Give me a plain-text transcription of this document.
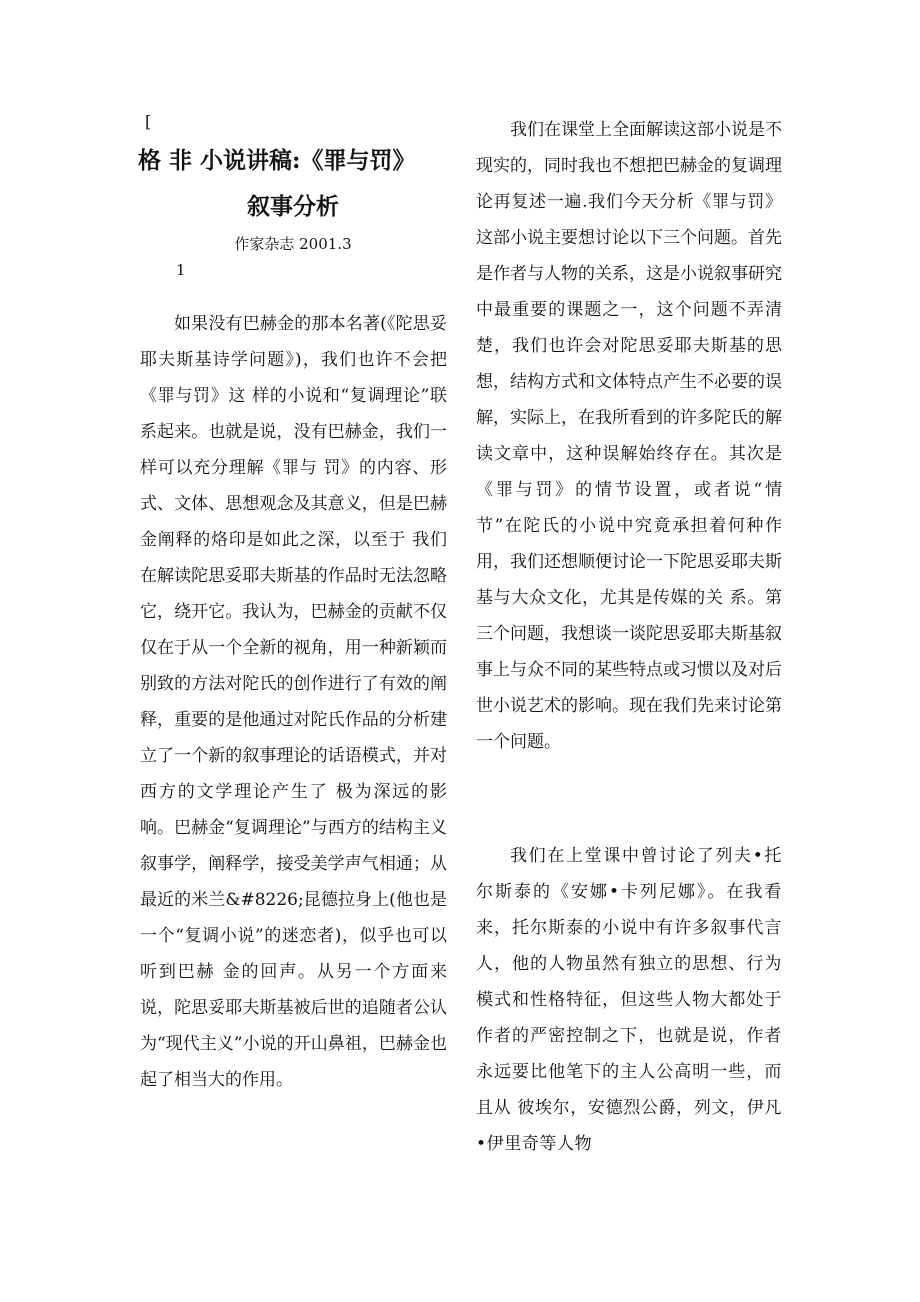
[
格 非 小说讲稿:《罪与罚》
叙事分析
作家杂志 2001.3
1

如果没有巴赫金的那本名著(《陀思妥耶夫斯基诗学问题》)，我们也许不会把《罪与罚》这 样的小说和“复调理论”联系起来。也就是说，没有巴赫金，我们一样可以充分理解《罪与 罚》的内容、形式、文体、思想观念及其意义，但是巴赫金阐释的烙印是如此之深，以至于 我们在解读陀思妥耶夫斯基的作品时无法忽略它，绕开它。我认为，巴赫金的贡献不仅仅在于从一个全新的视角，用一种新颖而别致的方法对陀氏的创作进行了有效的阐释，重要的是他通过对陀氏作品的分析建立了一个新的叙事理论的话语模式，并对西方的文学理论产生了 极为深远的影响。巴赫金“复调理论”与西方的结构主义叙事学，阐释学，接受美学声气相通；从最近的米兰&#8226;昆德拉身上(他也是一个“复调小说”的迷恋者)，似乎也可以听到巴赫 金的回声。从另一个方面来说，陀思妥耶夫斯基被后世的追随者公认为“现代主义”小说的开山鼻祖，巴赫金也起了相当大的作用。

我们在课堂上全面解读这部小说是不现实的，同时我也不想把巴赫金的复调理论再复述一遍.我们今天分析《罪与罚》这部小说主要想讨论以下三个问题。首先是作者与人物的关系，这是小说叙事研究中最重要的课题之一，这个问题不弄清楚，我们也许会对陀思妥耶夫斯基的思想，结构方式和文体特点产生不必要的误解，实际上，在我所看到的许多陀氏的解读文章中，这种误解始终存在。其次是《罪与罚》的情节设置，或者说“情节”在陀氏的小说中究竟承担着何种作用，我们还想顺便讨论一下陀思妥耶夫斯基与大众文化，尤其是传媒的关 系。第三个问题，我想谈一谈陀思妥耶夫斯基叙事上与众不同的某些特点或习惯以及对后世小说艺术的影响。现在我们先来讨论第一个问题。

我们在上堂课中曾讨论了列夫•托尔斯泰的《安娜•卡列尼娜》。在我看来，托尔斯泰的小说中有许多叙事代言人，他的人物虽然有独立的思想、行为模式和性格特征，但这些人物大都处于作者的严密控制之下，也就是说，作者永远要比他笔下的主人公高明一些，而且从 彼埃尔，安德烈公爵，列文，伊凡•伊里奇等人物
